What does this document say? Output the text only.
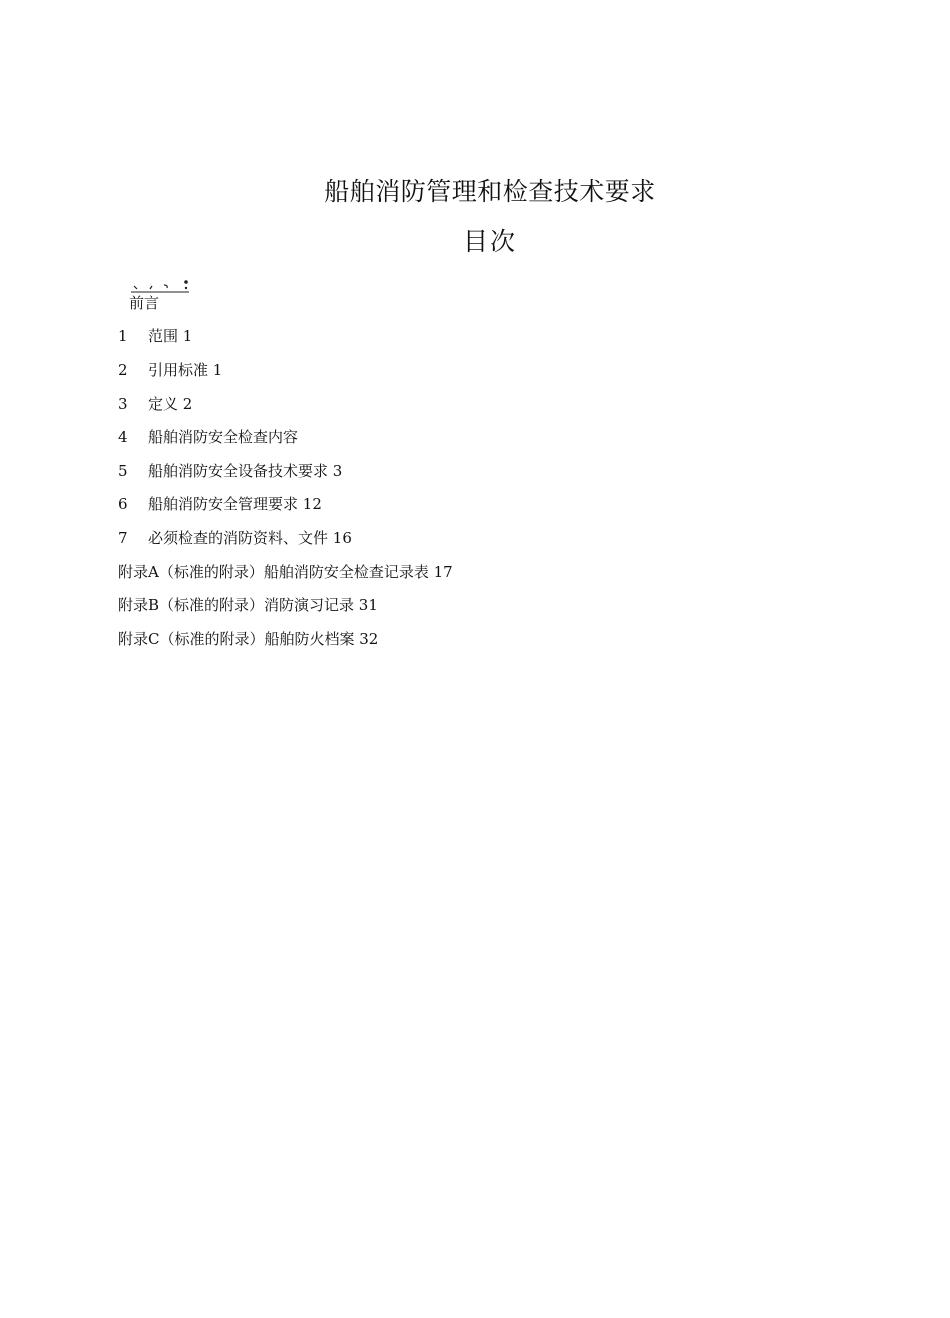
船舶消防管理和检查技术要求
目次
前言
1 范围 1
2 引用标准 1
3 定义 2
4 船舶消防安全检查内容
5 船舶消防安全设备技术要求 3
6 船舶消防安全管理要求 12
7 必须检查的消防资料、文件 16
附录A（标准的附录）船舶消防安全检查记录表 17
附录B（标准的附录）消防演习记录 31
附录C（标准的附录）船舶防火档案 32
